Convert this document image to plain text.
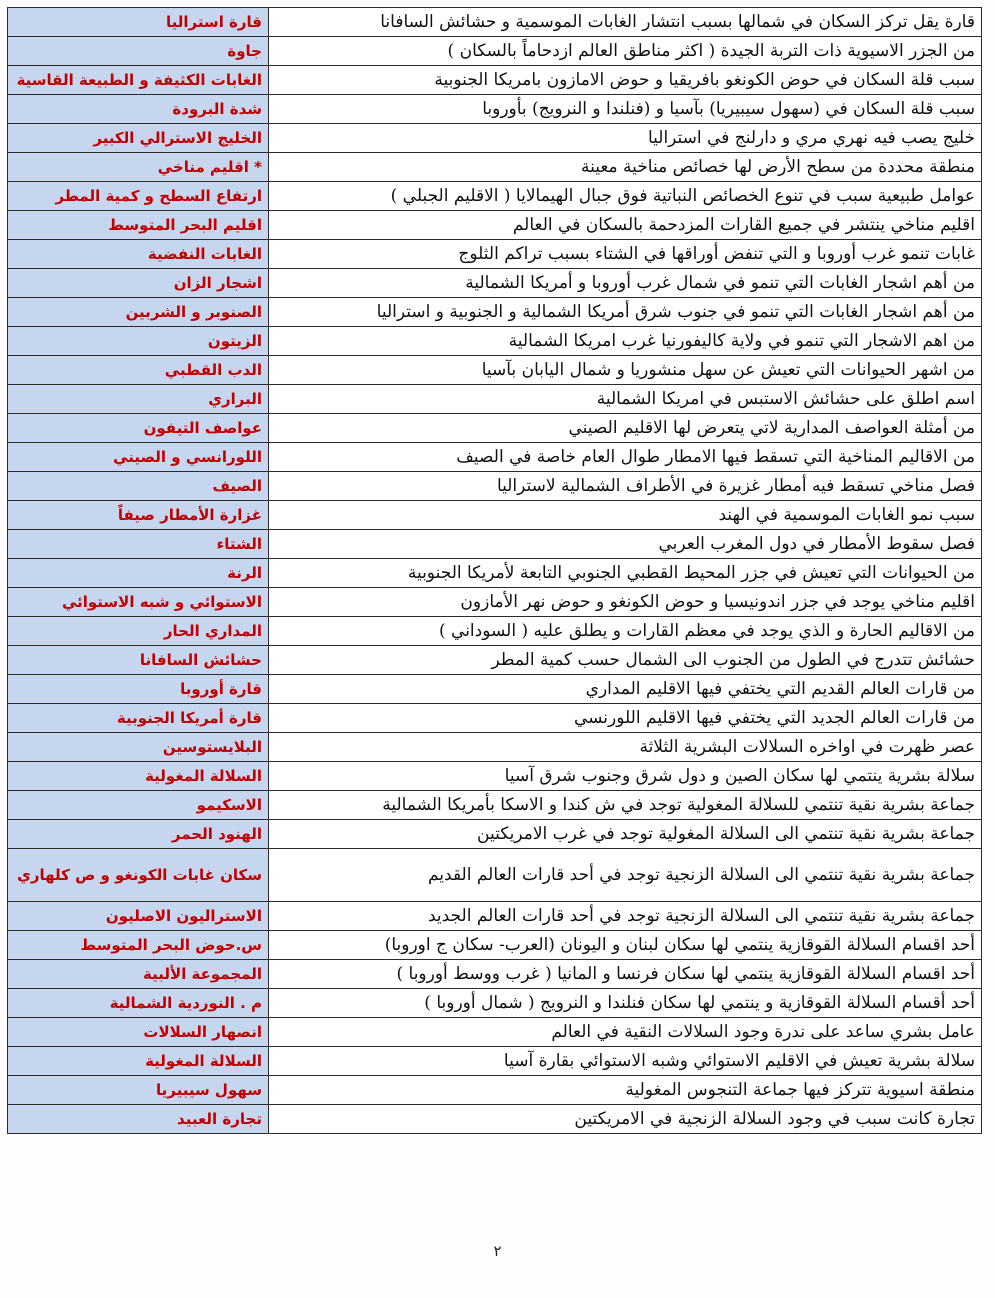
قارة يقل تركز السكان في شمالها بسبب انتشار الغابات الموسمية و حشائش السافانا	قارة استراليا
من الجزر الاسيوية ذات التربة الجيدة ( اكثر مناطق العالم ازدحاماً بالسكان )	جاوة
سبب قلة السكان في حوض الكونغو بافريقيا و حوض الامازون بامريكا الجنوبية	الغابات الكثيفة و الطبيعة القاسية
سبب قلة السكان في (سهول سيبيريا) بآسيا و (فنلندا و النرويج) بأوروبا	شدة البرودة
خليج يصب فيه نهري مري و دارلنج في استراليا	الخليج الاسترالي الكبير
منطقة محددة من سطح الأرض لها خصائص مناخية معينة	* اقليم مناخي
عوامل طبيعية سبب في تنوع الخصائص النباتية فوق جبال الهيمالايا ( الاقليم الجبلي )	ارتفاع السطح و كمية المطر
اقليم مناخي ينتشر في جميع القارات المزدحمة بالسكان في العالم	اقليم البحر المتوسط
غابات تنمو غرب أوروبا و التي تنفض أوراقها في الشتاء بسبب تراكم الثلوج	الغابات النفضية
من أهم اشجار الغابات التي تنمو في شمال غرب أوروبا و أمريكا الشمالية	اشجار الزان
من أهم اشجار الغابات التي تنمو في جنوب شرق أمريكا الشمالية و الجنوبية و استراليا	الصنوبر و الشربين
من اهم الاشجار التي تنمو في ولاية كاليفورنيا غرب امريكا الشمالية	الزيتون
من اشهر الحيوانات التي تعيش عن سهل منشوريا و شمال اليابان بآسيا	الدب القطبي
اسم اطلق على حشائش الاستبس في امريكا الشمالية	البراري
من أمثلة العواصف المدارية لاتي يتعرض لها الاقليم الصيني	عواصف التيفون
من الاقاليم المناخية التي تسقط فيها الامطار طوال العام خاصة في الصيف	اللورانسي و الصيني
فصل مناخي تسقط فيه أمطار غزيرة في الأطراف الشمالية لاستراليا	الصيف
سبب نمو الغابات الموسمية في الهند	غزارة الأمطار صيفاً
فصل سقوط الأمطار في دول المغرب العربي	الشتاء
من الحيوانات التي تعيش في جزر المحيط القطبي الجنوبي التابعة لأمريكا الجنوبية	الرنة
اقليم مناخي يوجد في جزر اندونيسيا و حوض الكونغو و حوض نهر الأمازون	الاستوائي و شبه الاستوائي
من الاقاليم الحارة و الذي يوجد في معظم القارات و يطلق عليه ( السوداني )	المداري الحار
حشائش تتدرج في الطول من الجنوب الى الشمال حسب كمية المطر	حشائش السافانا
من قارات العالم القديم التي يختفي فيها الاقليم المداري	قارة أوروبا
من قارات العالم الجديد التي يختفي فيها الاقليم اللورنسي	قارة أمريكا الجنوبية
عصر ظهرت في اواخره السلالات البشرية الثلاثة	البلايستوسين
سلالة بشرية ينتمي لها سكان الصين و دول شرق وجنوب شرق آسيا	السلالة المغولية
جماعة بشرية نقية تنتمي للسلالة المغولية توجد في ش كندا و الاسكا بأمريكا الشمالية	الاسكيمو
جماعة بشرية نقية تنتمي الى السلالة المغولية توجد في غرب الامريكتين	الهنود الحمر
جماعة بشرية نقية تنتمي الى السلالة الزنجية توجد في أحد قارات العالم القديم	سكان غابات الكونغو و ص كلهاري
جماعة بشرية نقية تنتمي الى السلالة الزنجية توجد في أحد قارات العالم الجديد	الاستراليون الاصليون
أحد اقسام السلالة القوقازية ينتمي لها سكان لبنان و اليونان (العرب- سكان ج اوروبا)	س.حوض البحر المتوسط
أحد اقسام السلالة القوقازية ينتمي لها سكان فرنسا و المانيا ( غرب ووسط أوروبا )	المجموعة الألبية
أحد أقسام السلالة القوقازية و ينتمي لها سكان فنلندا و النرويج ( شمال أوروبا )	م . النوردية الشمالية
عامل بشري ساعد على ندرة وجود السلالات النقية في العالم	انصهار السلالات
سلالة بشرية تعيش في الاقليم الاستوائي وشبه الاستوائي بقارة آسيا	السلالة المغولية
منطقة اسيوية تتركز فيها جماعة التنجوس المغولية	سهول سيبيريا
تجارة كانت سبب في وجود السلالة الزنجية في الامريكتين	تجارة العبيد
٢
